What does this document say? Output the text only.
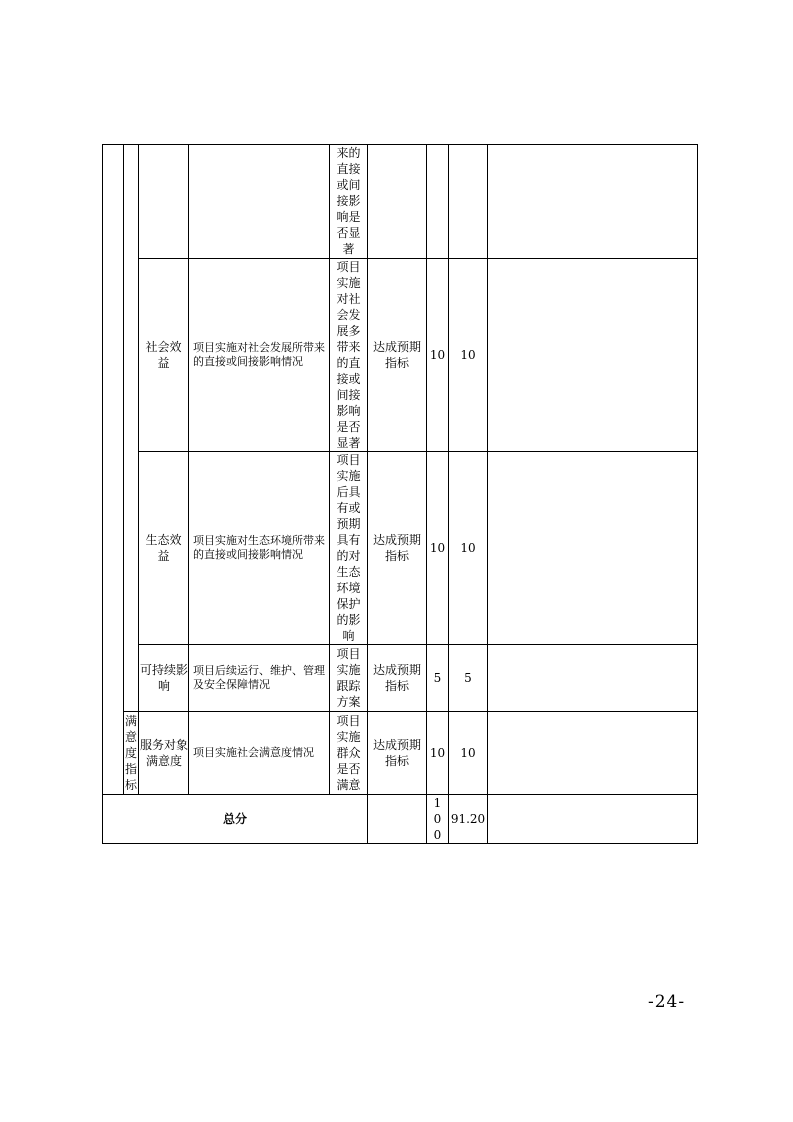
				来的直接或间接影响是否显著				

		社会效益	项目实施对社会发展所带来的直接或间接影响情况	项目实施对社会发展多带来的直接或间接影响是否显著	达成预期指标	10	10	

		生态效益	项目实施对生态环境所带来的直接或间接影响情况	项目实施后具有或预期具有的对生态环境保护的影响	达成预期指标	10	10	

		可持续影响	项目后续运行、维护、管理及安全保障情况	项目实施跟踪方案	达成预期指标	5	5	

	满意度指标	服务对象满意度	项目实施社会满意度情况	项目实施群众是否满意	达成预期指标	10	10	
总分						100	91.20	
-24-
